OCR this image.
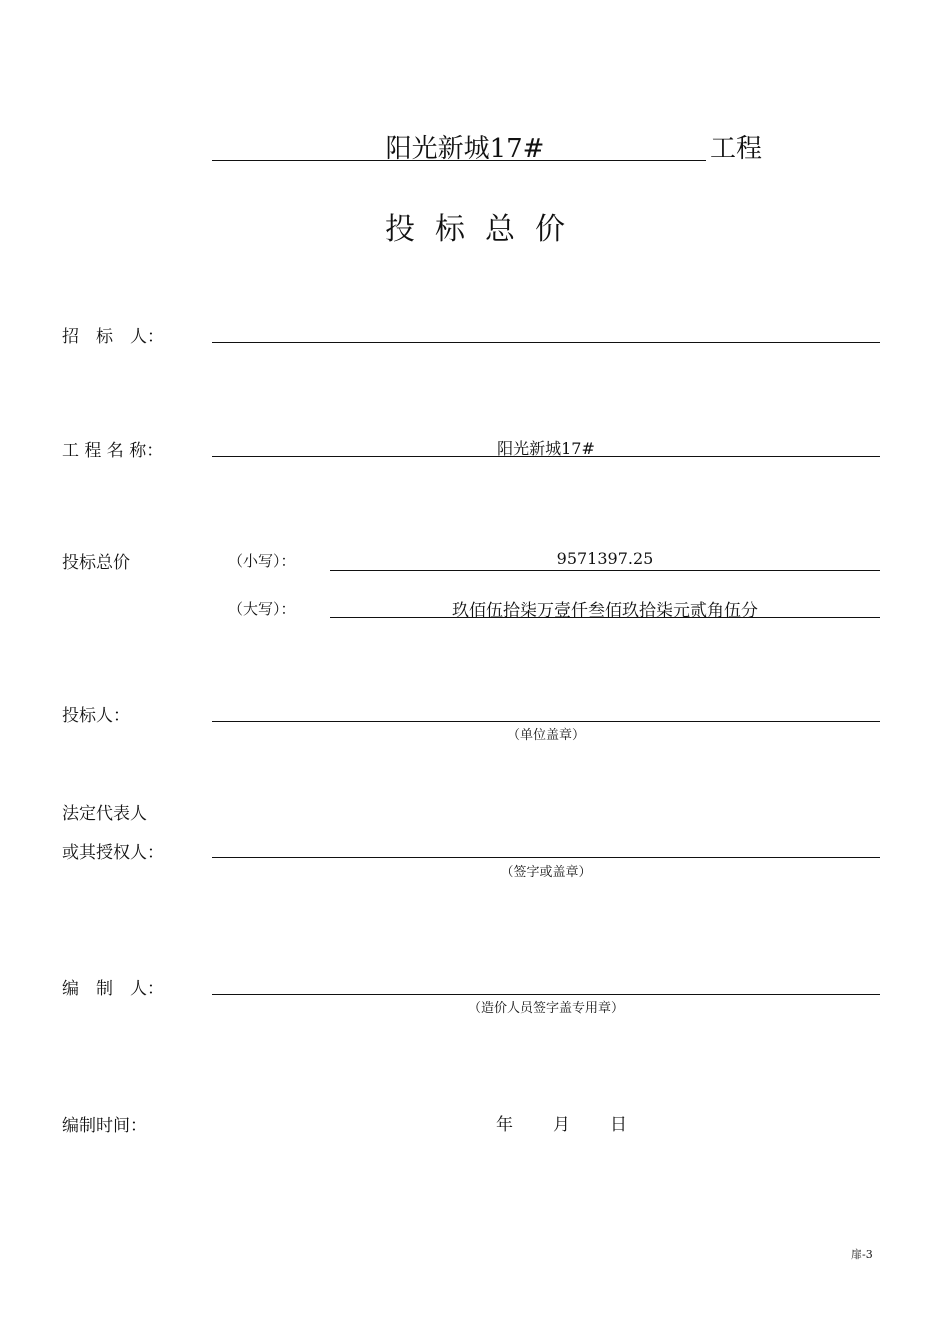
阳光新城17#	工程
投标总价
招　标　人：
工 程 名 称：	阳光新城17#
投标总价	（小写）：	9571397.25
（大写）：	玖佰伍拾柒万壹仟叁佰玖拾柒元贰角伍分
投标人：
（单位盖章）
法定代表人
或其授权人：
（签字或盖章）
编　制　人：
（造价人员签字盖专用章）
编制时间：	年 月 日
扉-3
